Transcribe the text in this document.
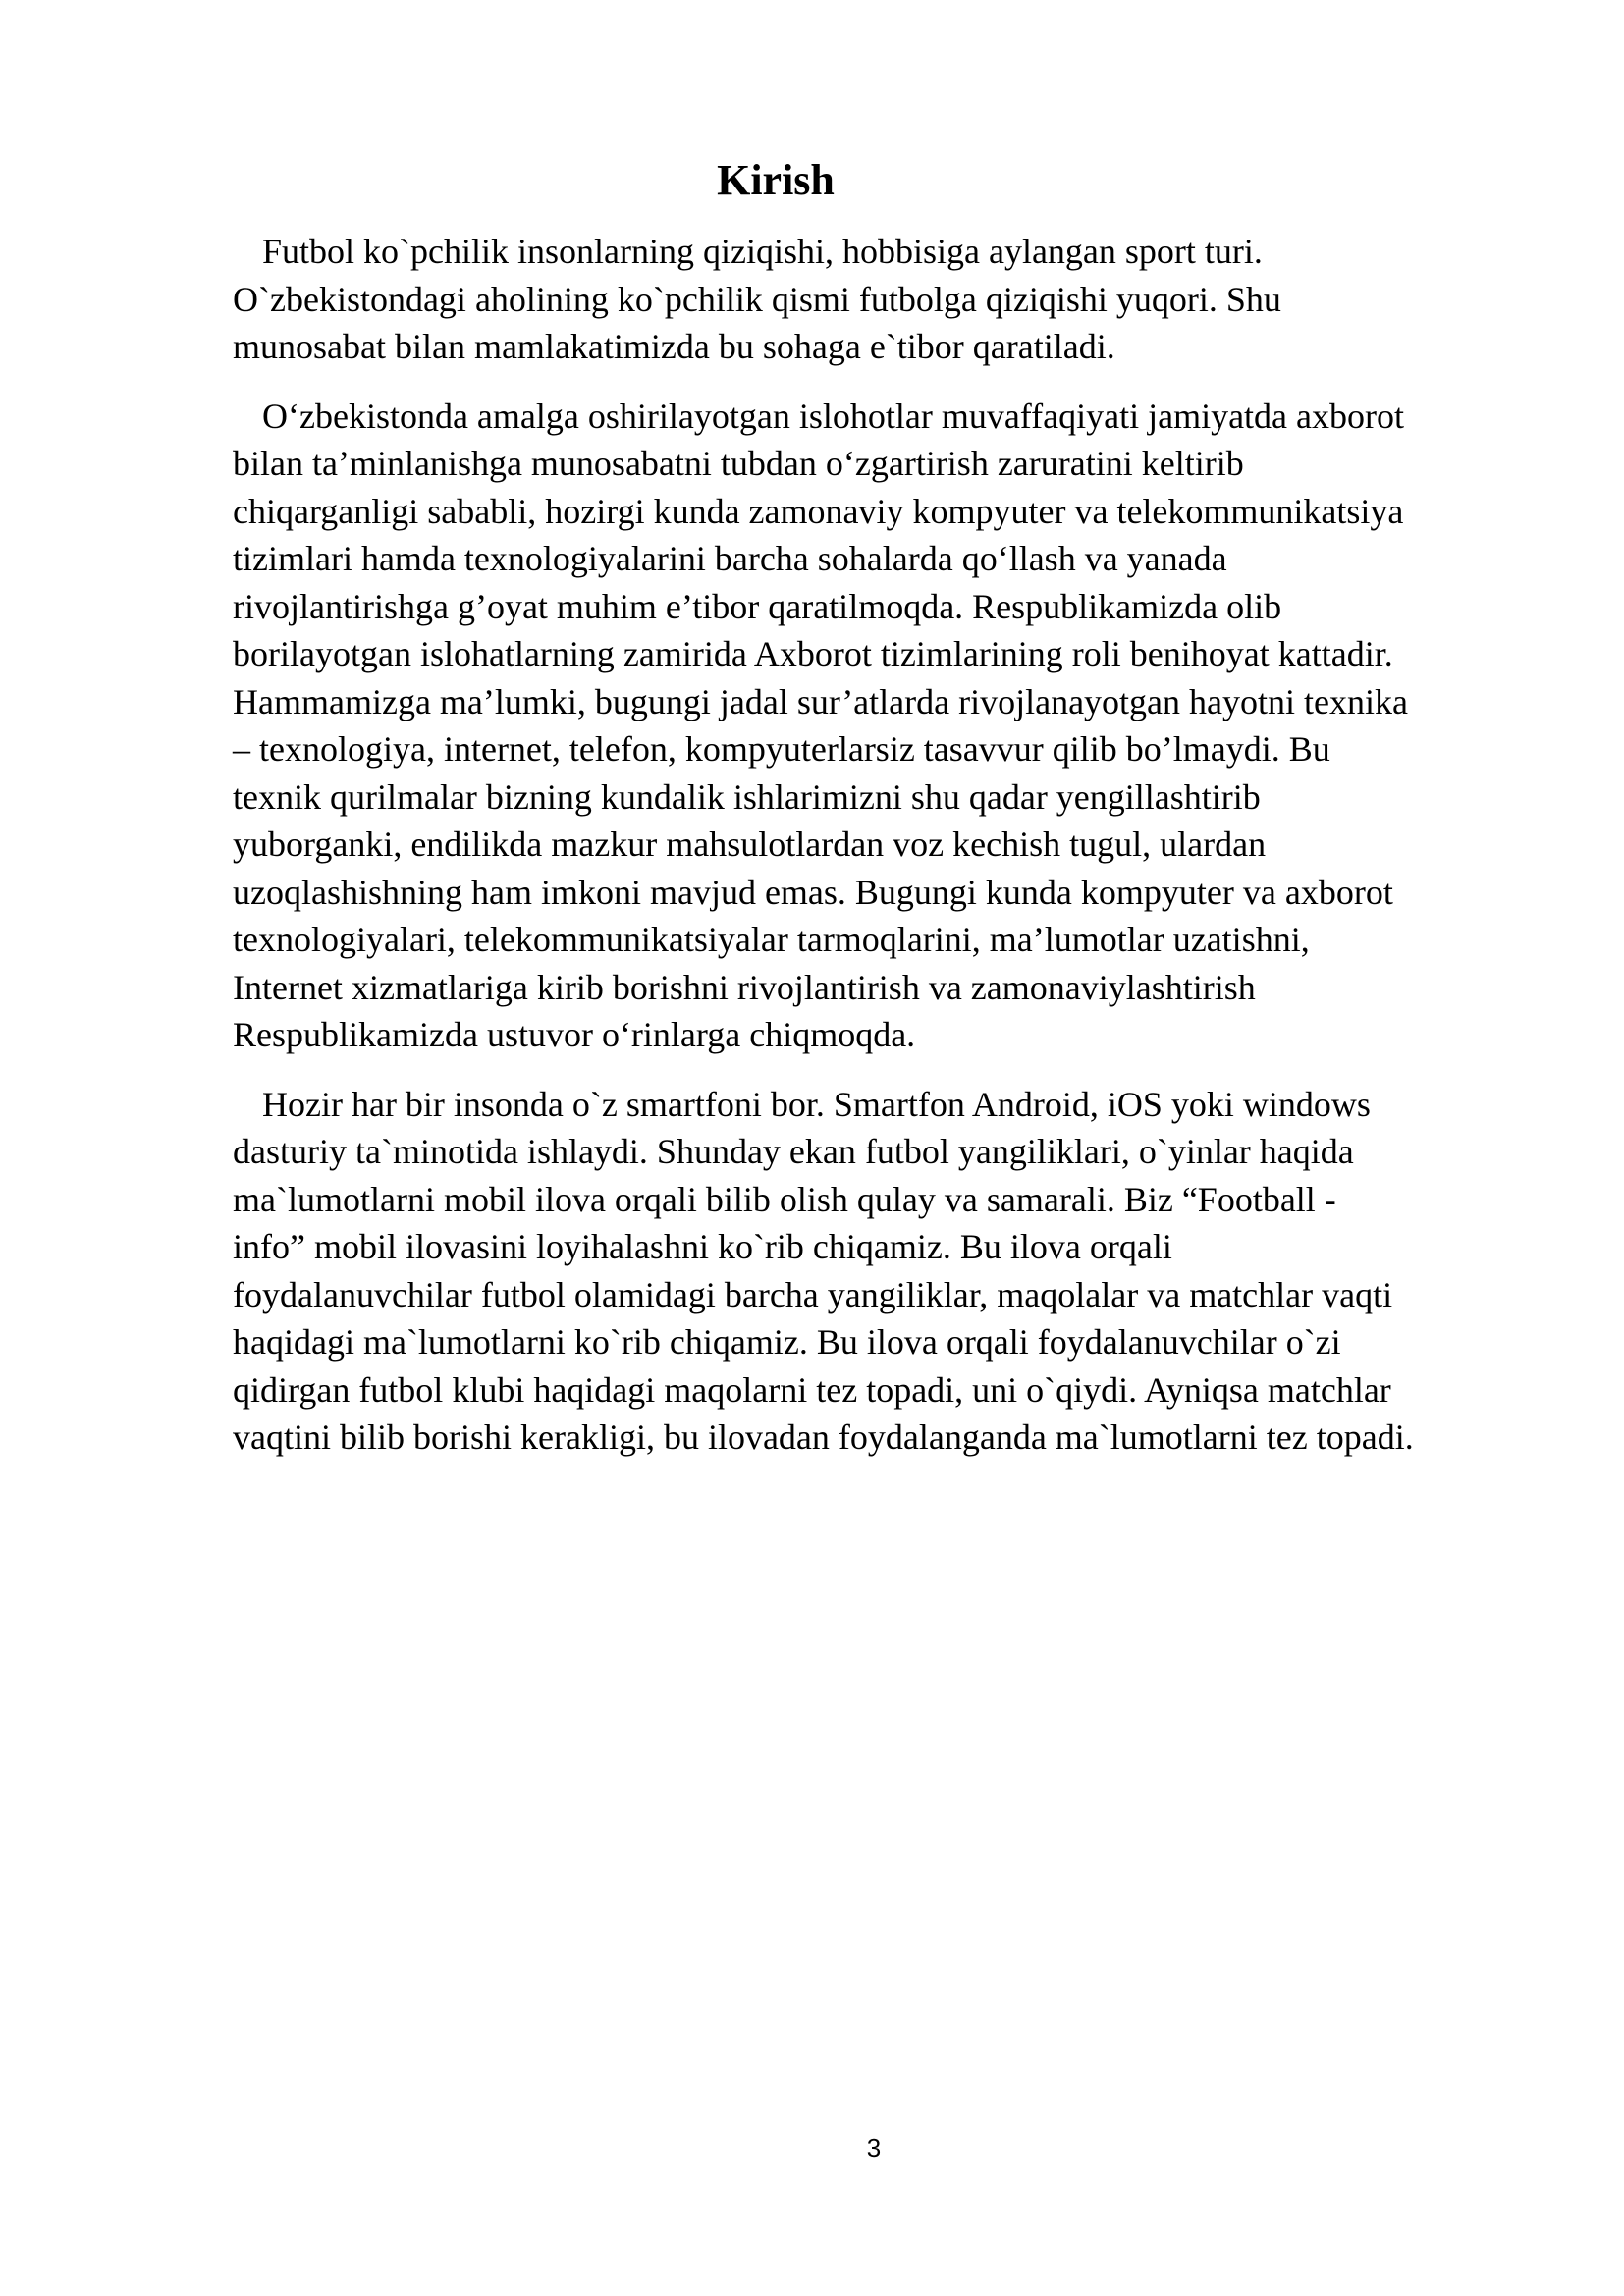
Kirish
Futbol ko`pchilik insonlarning qiziqishi, hobbisiga aylangan sport turi.
O`zbekistondagi aholining ko`pchilik qismi futbolga qiziqishi yuqori. Shu
munosabat bilan mamlakatimizda bu sohaga e`tibor qaratiladi.
O‘zbekistonda amalga oshirilayotgan islohotlar muvaffaqiyati jamiyatda axborot
bilan ta’minlanishga munosabatni tubdan o‘zgartirish zaruratini keltirib
chiqarganligi sababli, hozirgi kunda zamonaviy kompyuter va telekommunikatsiya
tizimlari hamda texnologiyalarini barcha sohalarda qo‘llash va yanada
rivojlantirishga g’oyat muhim e’tibor qaratilmoqda. Respublikamizda olib
borilayotgan islohatlarning zamirida Axborot tizimlarining roli benihoyat kattadir.
Hammamizga ma’lumki, bugungi jadal sur’atlarda rivojlanayotgan hayotni texnika
– texnologiya, internet, telefon, kompyuterlarsiz tasavvur qilib bo’lmaydi. Bu
texnik qurilmalar bizning kundalik ishlarimizni shu qadar yengillashtirib
yuborganki, endilikda mazkur mahsulotlardan voz kechish tugul, ulardan
uzoqlashishning ham imkoni mavjud emas. Bugungi kunda kompyuter va axborot
texnologiyalari, telekommunikatsiyalar tarmoqlarini, ma’lumotlar uzatishni,
Internet xizmatlariga kirib borishni rivojlantirish va zamonaviylashtirish
Respublikamizda ustuvor o‘rinlarga chiqmoqda.
Hozir har bir insonda o`z smartfoni bor. Smartfon Android, iOS yoki windows
dasturiy ta`minotida ishlaydi. Shunday ekan futbol yangiliklari, o`yinlar haqida
ma`lumotlarni mobil ilova orqali bilib olish qulay va samarali. Biz “Football -
info” mobil ilovasini loyihalashni ko`rib chiqamiz. Bu ilova orqali
foydalanuvchilar futbol olamidagi barcha yangiliklar, maqolalar va matchlar vaqti
haqidagi ma`lumotlarni ko`rib chiqamiz. Bu ilova orqali foydalanuvchilar o`zi
qidirgan futbol klubi haqidagi maqolarni tez topadi, uni o`qiydi. Ayniqsa matchlar
vaqtini bilib borishi kerakligi, bu ilovadan foydalanganda ma`lumotlarni tez topadi.
3
